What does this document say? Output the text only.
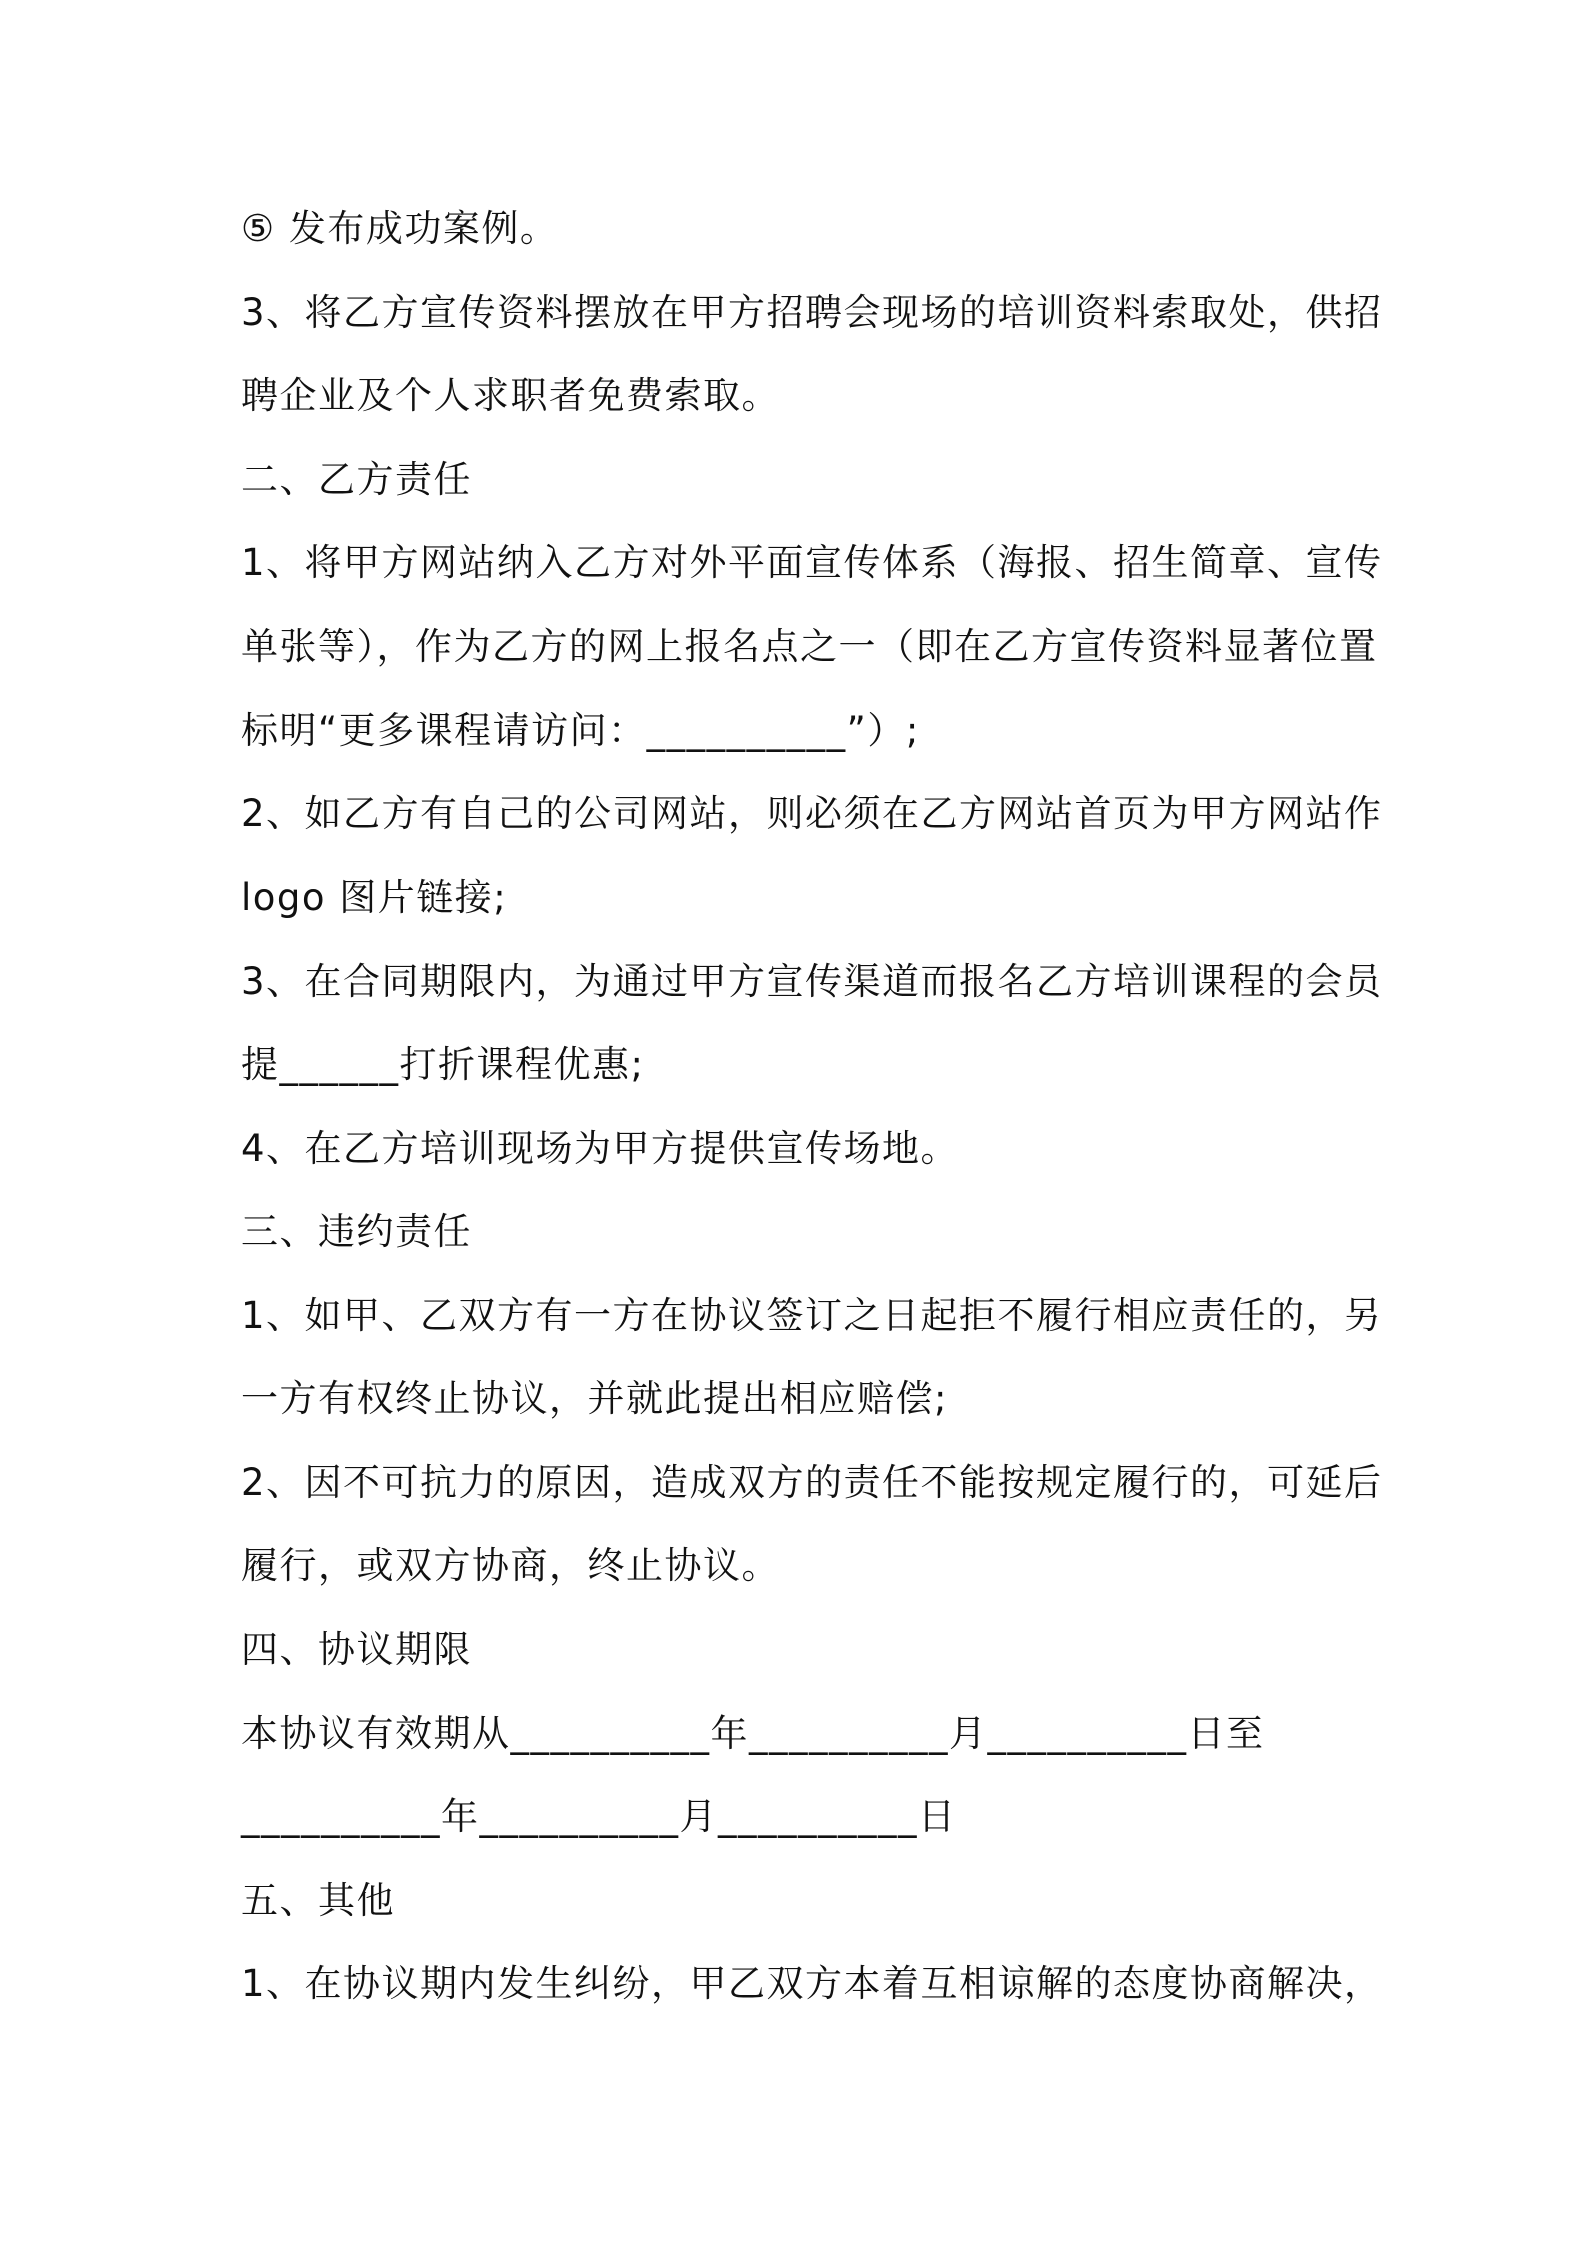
⑤ 发布成功案例。

3、将乙方宣传资料摆放在甲方招聘会现场的培训资料索取处，供招

聘企业及个人求职者免费索取。

二、乙方责任

1、将甲方网站纳入乙方对外平面宣传体系（海报、招生简章、宣传

单张等），作为乙方的网上报名点之一（即在乙方宣传资料显著位置

标明“更多课程请访问：__________”）;

2、如乙方有自己的公司网站，则必须在乙方网站首页为甲方网站作

logo 图片链接;

3、在合同期限内，为通过甲方宣传渠道而报名乙方培训课程的会员

提______打折课程优惠;

4、在乙方培训现场为甲方提供宣传场地。

三、违约责任

1、如甲、乙双方有一方在协议签订之日起拒不履行相应责任的，另

一方有权终止协议，并就此提出相应赔偿;

2、因不可抗力的原因，造成双方的责任不能按规定履行的，可延后

履行，或双方协商，终止协议。

四、协议期限

本协议有效期从__________年__________月__________日至

__________年__________月__________日

五、其他

1、在协议期内发生纠纷，甲乙双方本着互相谅解的态度协商解决，
